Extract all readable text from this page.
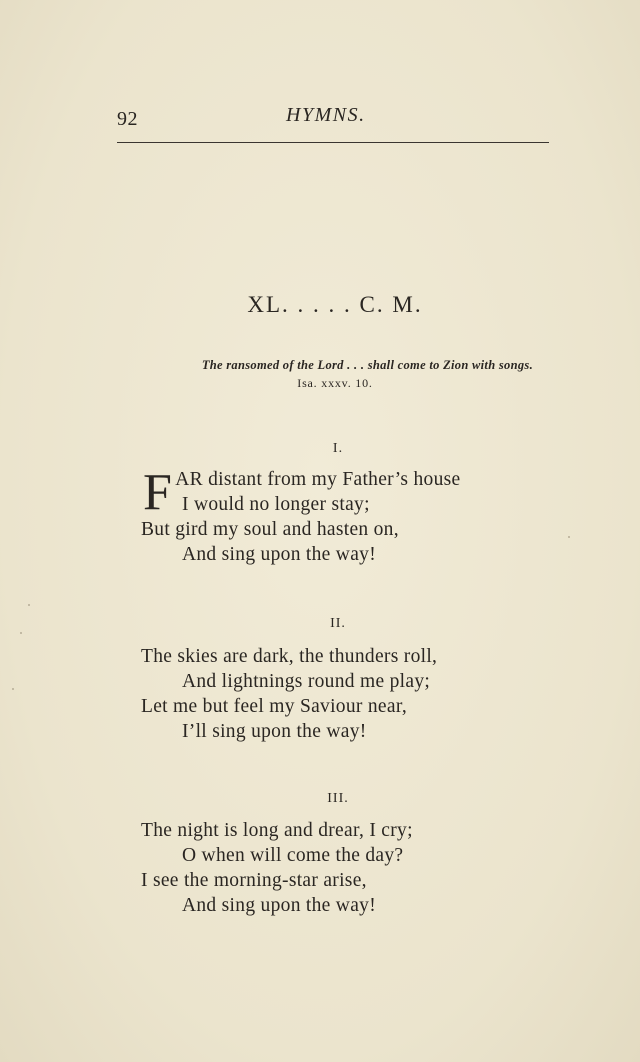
92	HYMNS.
XL. . . . . C. M.
The ransomed of the Lord . . . shall come to Zion with songs.
Isa. xxxv. 10.
I.
FAR distant from my Father’s house
I would no longer stay;
But gird my soul and hasten on,
And sing upon the way!
II.
The skies are dark, the thunders roll,
And lightnings round me play;
Let me but feel my Saviour near,
I’ll sing upon the way!
III.
The night is long and drear, I cry;
O when will come the day?
I see the morning-star arise,
And sing upon the way!
